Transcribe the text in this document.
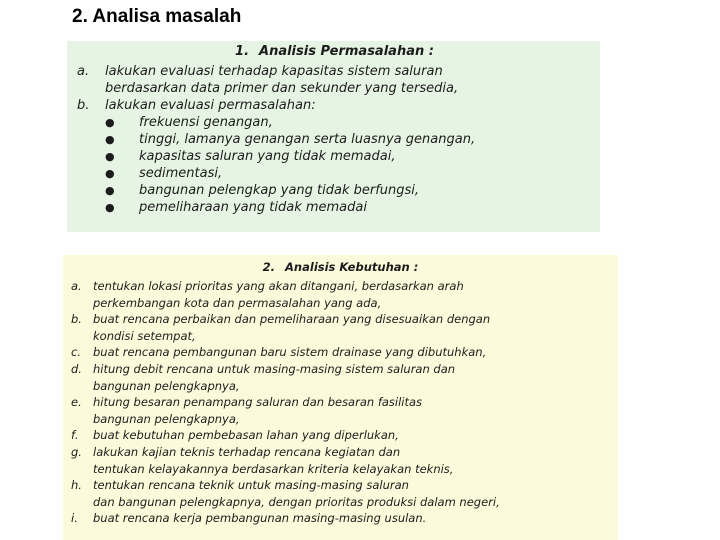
2. Analisa masalah
1. Analisis Permasalahan :
a.	lakukan evaluasi terhadap kapasitas sistem saluran
berdasarkan data primer dan sekunder yang tersedia,
b.	lakukan evaluasi permasalahan:
●	frekuensi genangan,
●	tinggi, lamanya genangan serta luasnya genangan,
●	kapasitas saluran yang tidak memadai,
●	sedimentasi,
●	bangunan pelengkap yang tidak berfungsi,
●	pemeliharaan yang tidak memadai
2. Analisis Kebutuhan :
a. tentukan lokasi prioritas yang akan ditangani, berdasarkan arah
perkembangan kota dan permasalahan yang ada,
b. buat rencana perbaikan dan pemeliharaan yang disesuaikan dengan
kondisi setempat,
c.	buat rencana pembangunan baru sistem drainase yang dibutuhkan,
d. hitung debit rencana untuk masing-masing sistem saluran dan
bangunan pelengkapnya,
e. hitung besaran penampang saluran dan besaran fasilitas
bangunan pelengkapnya,
f.	buat kebutuhan pembebasan lahan yang diperlukan,
g. lakukan kajian teknis terhadap rencana kegiatan dan
tentukan kelayakannya berdasarkan kriteria kelayakan teknis,
h. tentukan rencana teknik untuk masing-masing saluran
dan bangunan pelengkapnya, dengan prioritas produksi dalam negeri,
i.	buat rencana kerja pembangunan masing-masing usulan.
